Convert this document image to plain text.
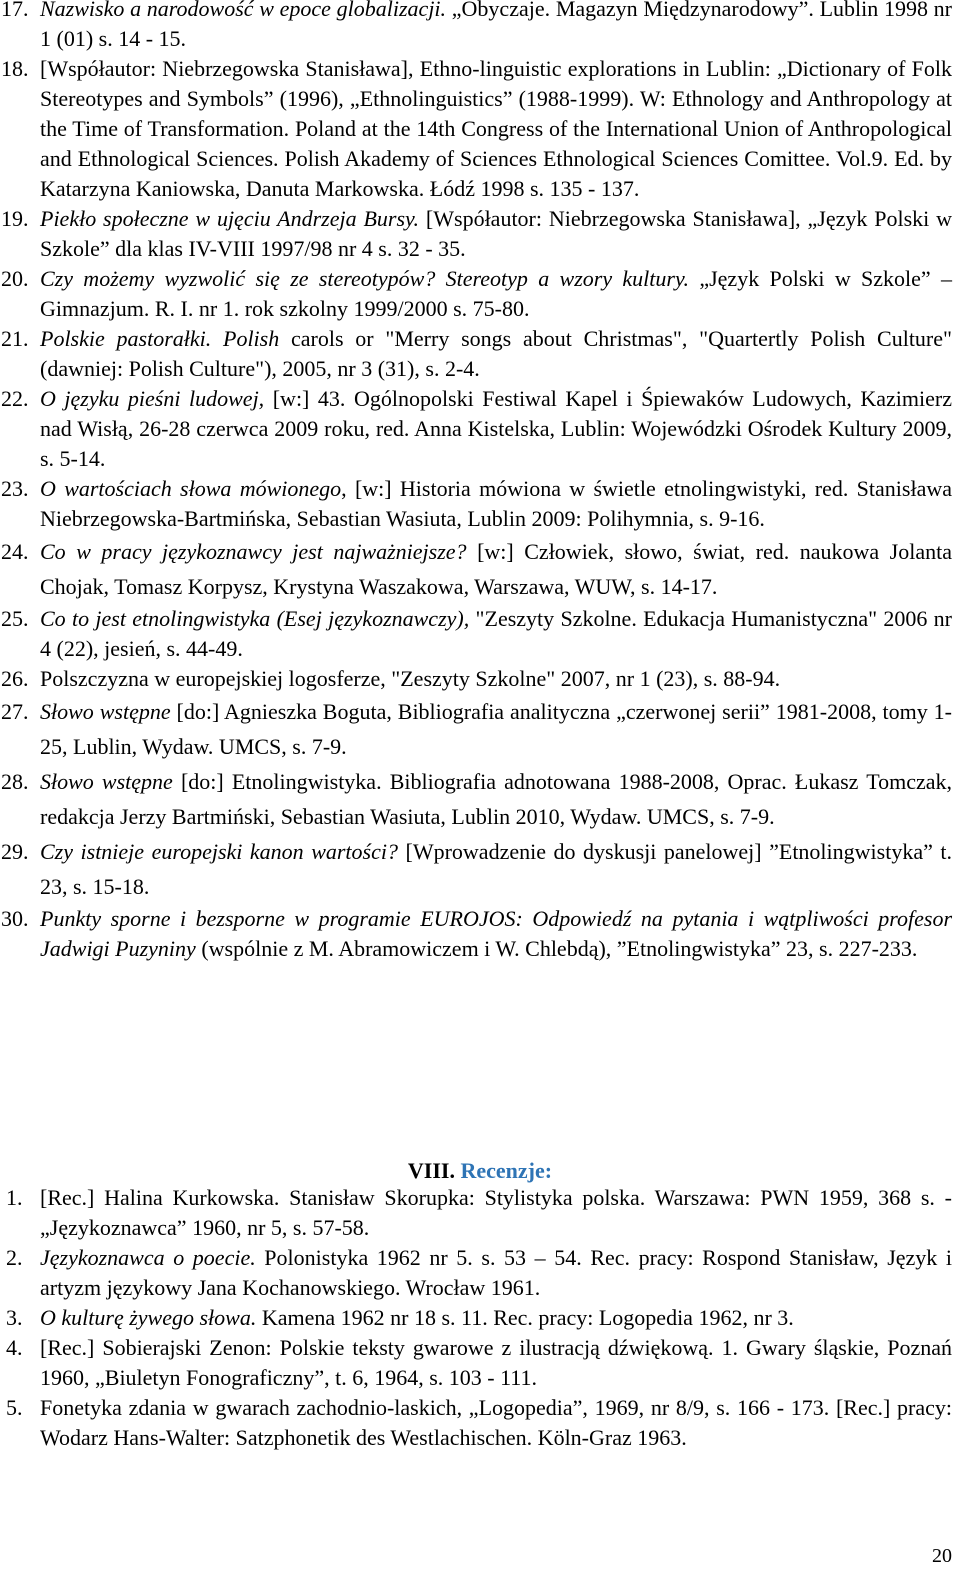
17. Nazwisko a narodowość w epoce globalizacji. „Obyczaje. Magazyn Międzynarodowy”. Lublin 1998 nr 1 (01) s. 14 - 15.

18. [Współautor: Niebrzegowska Stanisława], Ethno-linguistic explorations in Lublin: „Dictionary of Folk Stereotypes and Symbols” (1996), „Ethnolinguistics” (1988-1999). W: Ethnology and Anthropology at the Time of Transformation. Poland at the 14th Congress of the International Union of Anthropological and Ethnological Sciences. Polish Akademy of Sciences Ethnological Sciences Comittee. Vol.9. Ed. by Katarzyna Kaniowska, Danuta Markowska. Łódź 1998 s. 135 - 137.

19. Piekło społeczne w ujęciu Andrzeja Bursy. [Współautor: Niebrzegowska Stanisława], „Język Polski w Szkole” dla klas IV-VIII 1997/98 nr 4 s. 32 - 35.

20. Czy możemy wyzwolić się ze stereotypów? Stereotyp a wzory kultury. „Język Polski w Szkole” – Gimnazjum. R. I. nr 1. rok szkolny 1999/2000 s. 75-80.

21. Polskie pastorałki. Polish carols or "Merry songs about Christmas", "Quartertly Polish Culture" (dawniej: Polish Culture"), 2005, nr 3 (31), s. 2-4.

22. O języku pieśni ludowej, [w:] 43. Ogólnopolski Festiwal Kapel i Śpiewaków Ludowych, Kazimierz nad Wisłą, 26-28 czerwca 2009 roku, red. Anna Kistelska, Lublin: Wojewódzki Ośrodek Kultury 2009, s. 5-14.

23. O wartościach słowa mówionego, [w:] Historia mówiona w świetle etnolingwistyki, red. Stanisława Niebrzegowska-Bartmińska, Sebastian Wasiuta, Lublin 2009: Polihymnia, s. 9-16.

24. Co w pracy językoznawcy jest najważniejsze? [w:] Człowiek, słowo, świat, red. naukowa Jolanta Chojak, Tomasz Korpysz, Krystyna Waszakowa, Warszawa, WUW, s. 14-17.

25. Co to jest etnolingwistyka (Esej językoznawczy), "Zeszyty Szkolne. Edukacja Humanistyczna" 2006 nr 4 (22), jesień, s. 44-49.

26. Polszczyzna w europejskiej logosferze, "Zeszyty Szkolne" 2007, nr 1 (23), s. 88-94.

27. Słowo wstępne [do:] Agnieszka Boguta, Bibliografia analityczna „czerwonej serii” 1981-2008, tomy 1-25, Lublin, Wydaw. UMCS, s. 7-9.

28. Słowo wstępne [do:] Etnolingwistyka. Bibliografia adnotowana 1988-2008, Oprac. Łukasz Tomczak, redakcja Jerzy Bartmiński, Sebastian Wasiuta, Lublin 2010, Wydaw. UMCS, s. 7-9.

29. Czy istnieje europejski kanon wartości? [Wprowadzenie do dyskusji panelowej] ”Etnolingwistyka” t. 23, s. 15-18.

30. Punkty sporne i bezsporne w programie EUROJOS: Odpowiedź na pytania i wątpliwości profesor Jadwigi Puzyniny (wspólnie z M. Abramowiczem i W. Chlebdą), ”Etnolingwistyka” 23, s. 227-233.

VIII. Recenzje:

1. [Rec.] Halina Kurkowska. Stanisław Skorupka: Stylistyka polska. Warszawa: PWN 1959, 368 s. - „Językoznawca” 1960, nr 5, s. 57-58.

2. Językoznawca o poecie. Polonistyka 1962 nr 5. s. 53 – 54. Rec. pracy: Rospond Stanisław, Język i artyzm językowy Jana Kochanowskiego. Wrocław 1961.

3. O kulturę żywego słowa. Kamena 1962 nr 18 s. 11. Rec. pracy: Logopedia 1962, nr 3.

4. [Rec.] Sobierajski Zenon: Polskie teksty gwarowe z ilustracją dźwiękową. 1. Gwary śląskie, Poznań 1960, „Biuletyn Fonograficzny”, t. 6, 1964, s. 103 - 111.

5. Fonetyka zdania w gwarach zachodnio-laskich, „Logopedia”, 1969, nr 8/9, s. 166 - 173. [Rec.] pracy: Wodarz Hans-Walter: Satzphonetik des Westlachischen. Köln-Graz 1963.

20
